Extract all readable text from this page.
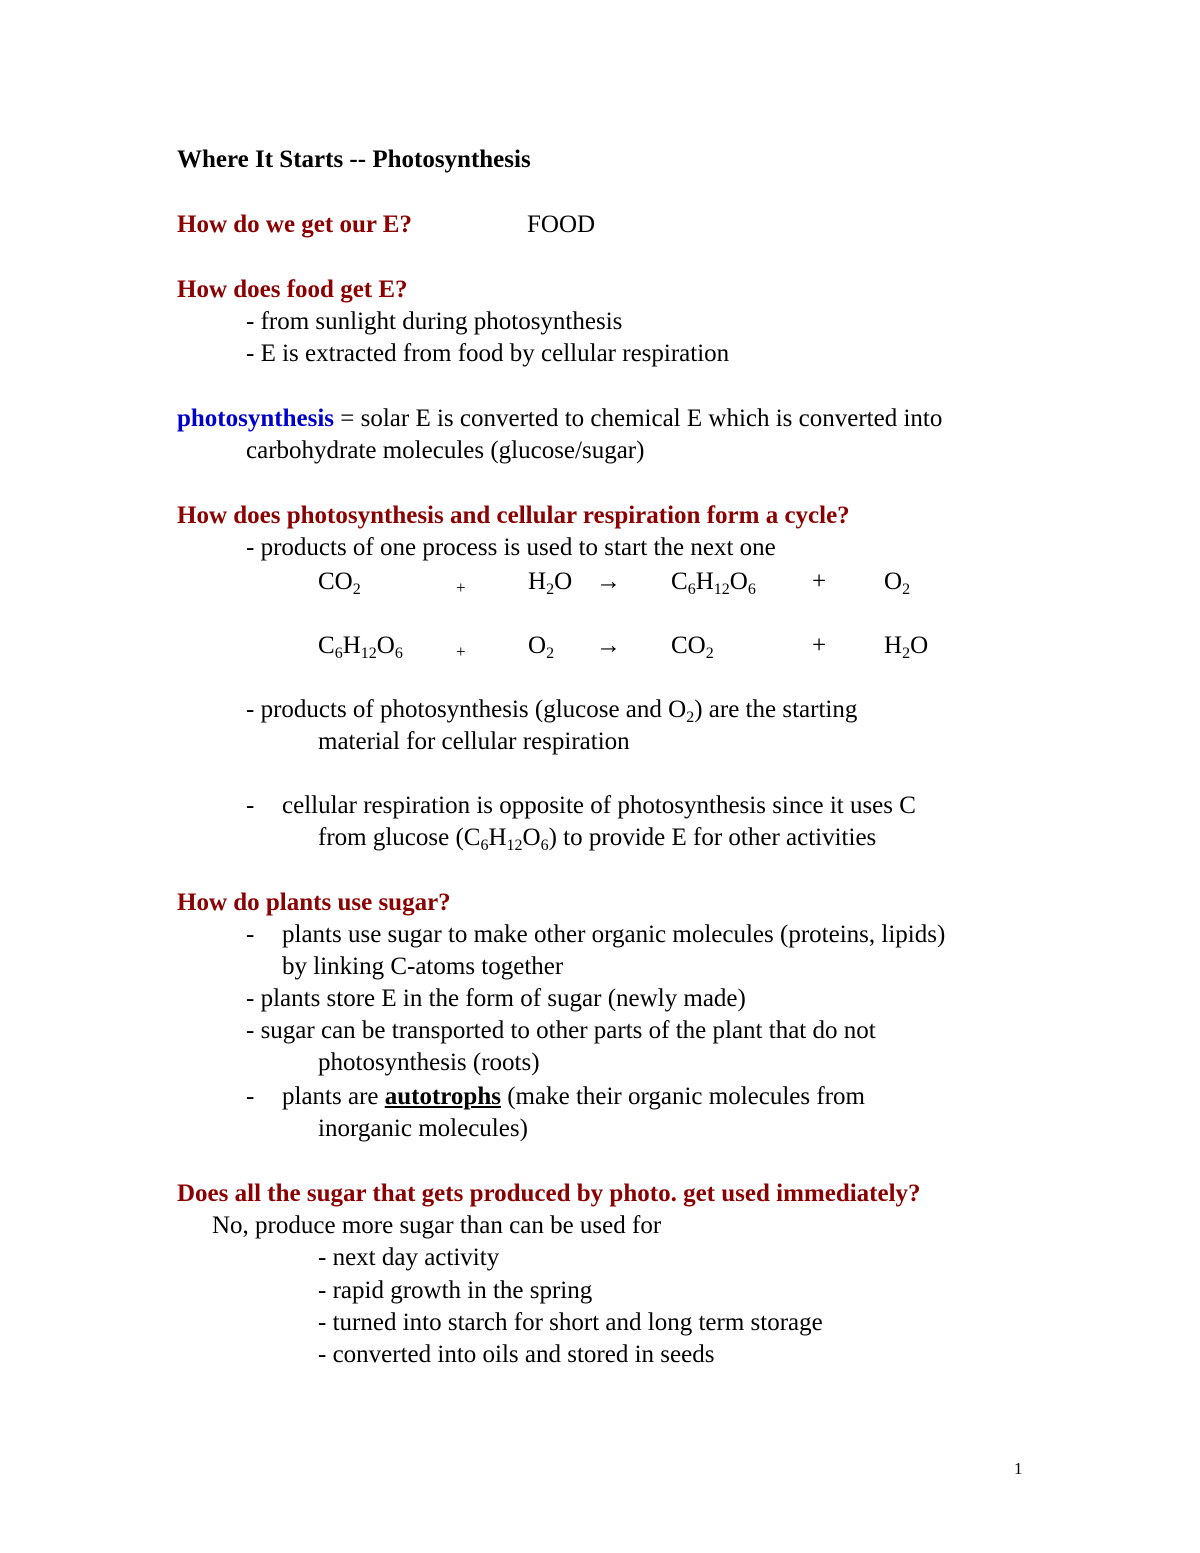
Where It Starts -- Photosynthesis
How do we get our E?	FOOD
How does food get E?
- from sunlight during photosynthesis
- E is extracted from food by cellular respiration
photosynthesis = solar E is converted to chemical E which is converted into
carbohydrate molecules (glucose/sugar)
How does photosynthesis and cellular respiration form a cycle?
- products of one process is used to start the next one
$CO_2$	+ $H_2O \to C_6H_{12}O_6 + O_2$
$C_6H_{12}O_6$	+ $O_2 \to CO_2$	+ $H_2O$
- products of photosynthesis (glucose and $O_2$) are the starting
material for cellular respiration
- cellular respiration is opposite of photosynthesis since it uses C
from glucose $(C_6H_{12}O_6)$ to provide E for other activities
How do plants use sugar?
- plants use sugar to make other organic molecules (proteins, lipids)
by linking C-atoms together
- plants store E in the form of sugar (newly made)
- sugar can be transported to other parts of the plant that do not
photosynthesis (roots)
- plants are autotrophs (make their organic molecules from
inorganic molecules)
Does all the sugar that gets produced by photo. get used immediately?
No, produce more sugar than can be used for
- next day activity
- rapid growth in the spring
- turned into starch for short and long term storage
- converted into oils and stored in seeds
1
